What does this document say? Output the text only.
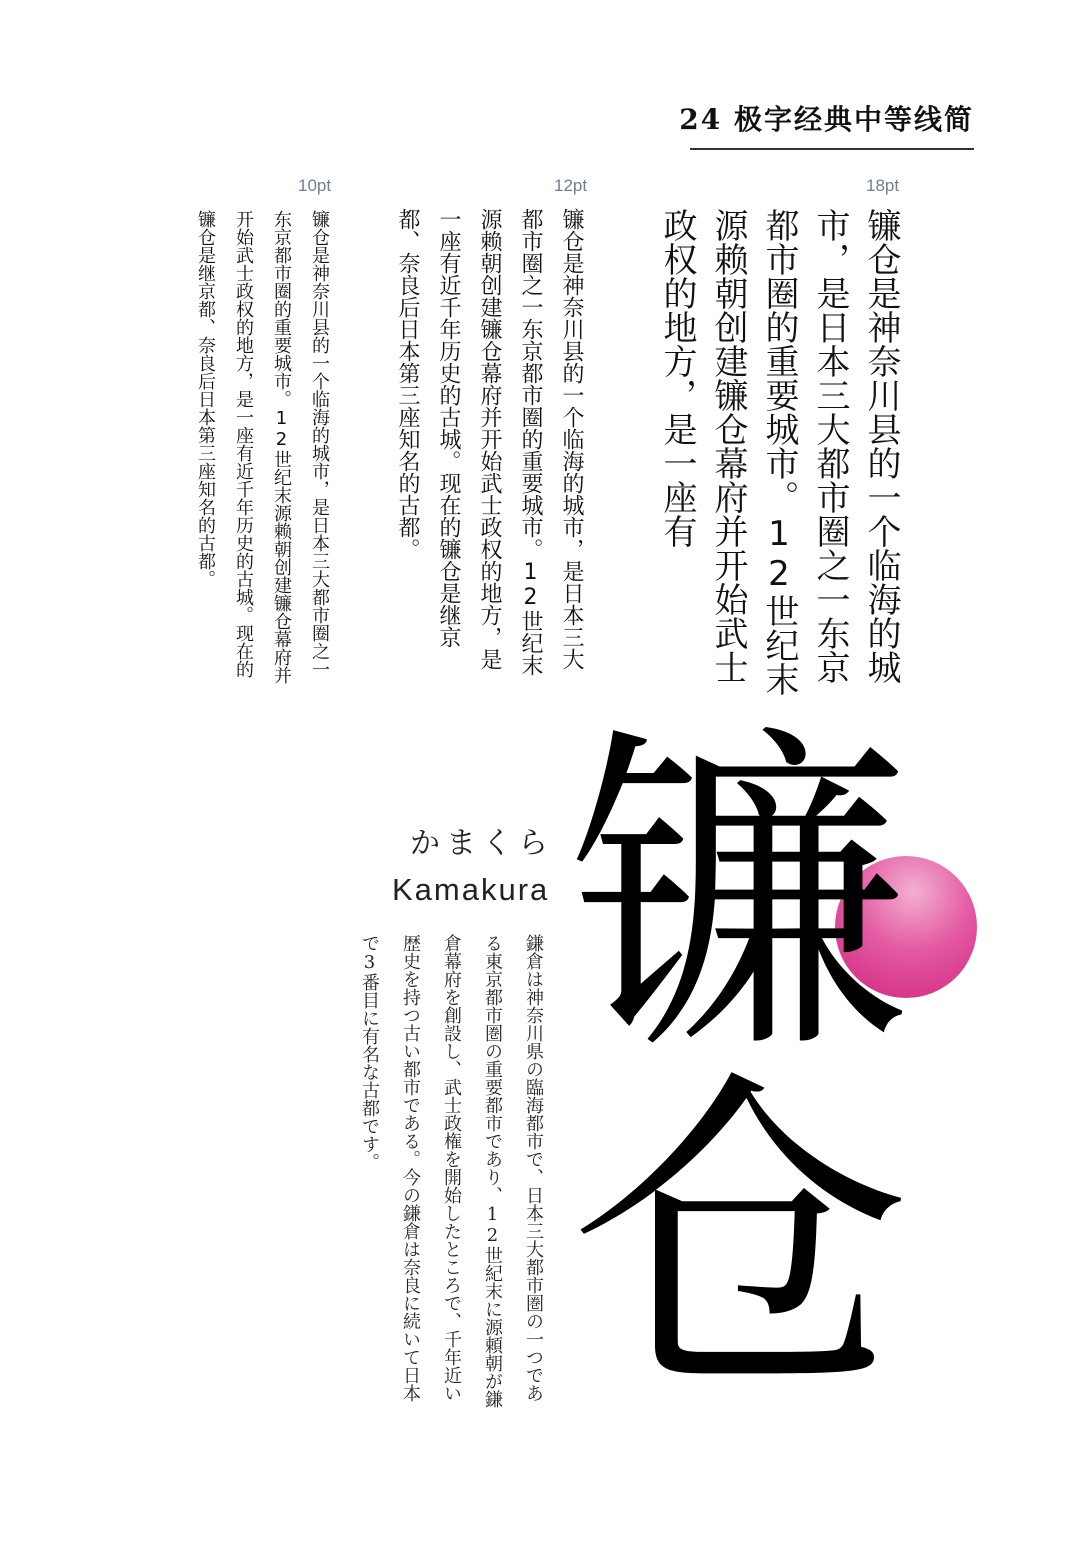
24 极字经典中等线简
18pt
12pt
10pt
镰仓是神奈川县的一个临海的城市，是日本三大都市圈之一东京都市圈的重要城市。12世纪末源赖朝创建镰仓幕府并开始武士政权的地方，是一座有
镰仓是神奈川县的一个临海的城市，是日本三大都市圈之一东京都市圈的重要城市。12世纪末源赖朝创建镰仓幕府并开始武士政权的地方，是一座有近千年历史的古城。现在的镰仓是继京都、奈良后日本第三座知名的古都。
镰仓是神奈川县的一个临海的城市，是日本三大都市圈之一东京都市圈的重要城市。12世纪末源赖朝创建镰仓幕府并开始武士政权的地方，是一座有近千年历史的古城。现在的镰仓是继京都、奈良后日本第三座知名的古都。
かまくら
Kamakura
鎌倉は神奈川県の臨海都市で、日本三大都市圏の一つである東京都市圏の重要都市であり、12世紀末に源頼朝が鎌倉幕府を創設し、武士政権を開始したところで、千年近い歴史を持つ古い都市である。今の鎌倉は奈良に続いて日本で3番目に有名な古都です。 镰
仓
